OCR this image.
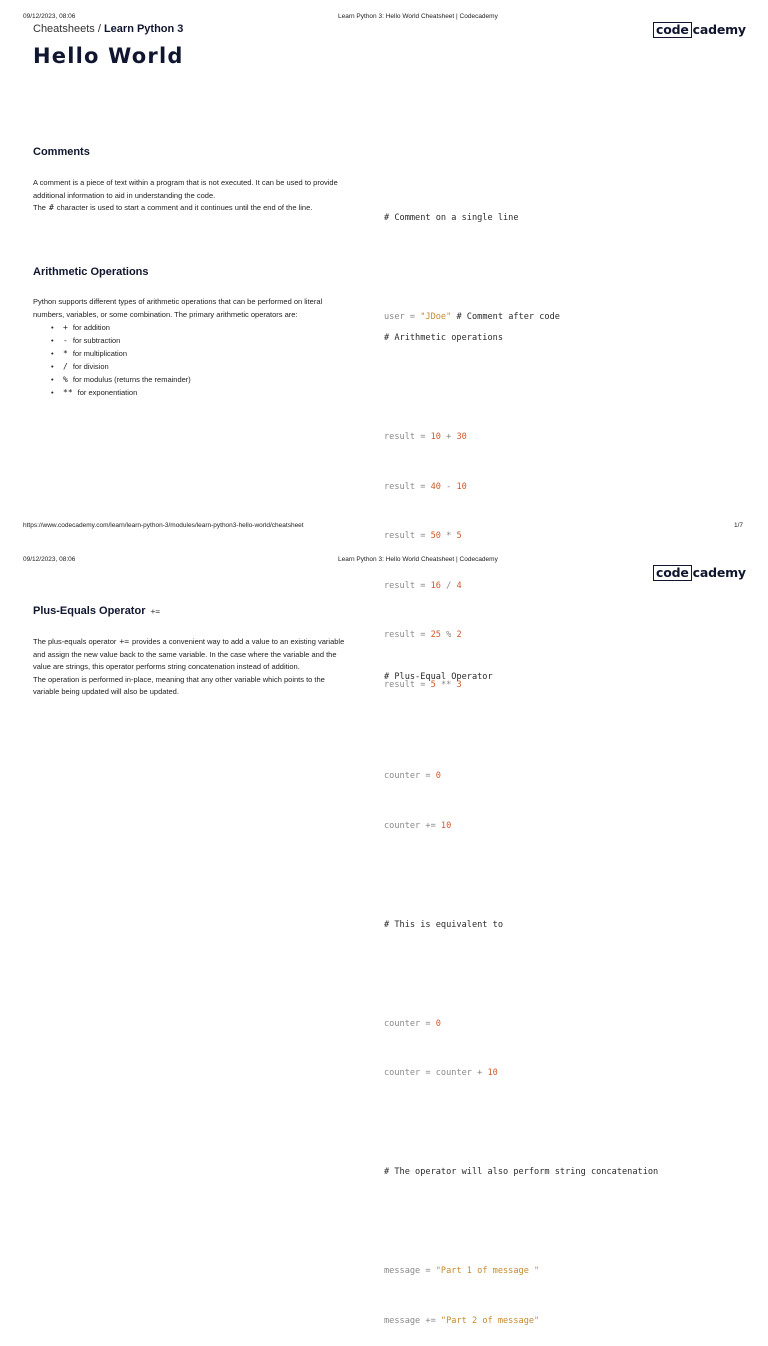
09/12/2023, 08:06	Learn Python 3: Hello World Cheatsheet | Codecademy
Cheatsheets / Learn Python 3	code cademy
Hello World
Comments
A comment is a piece of text within a program that is not executed. It can be used to provide additional information to aid in understanding the code.
The # character is used to start a comment and it continues until the end of the line.

# Comment on a single line

user = "JDoe" # Comment after code

Arithmetic Operations
Python supports different types of arithmetic operations that can be performed on literal numbers, variables, or some combination. The primary arithmetic operators are:
• + for addition
• - for subtraction
• * for multiplication
• / for division
• % for modulus (returns the remainder)
• ** for exponentiation

# Arithmetic operations

result = 10 + 30

result = 40 - 10

result = 50 * 5

result = 16 / 4

result = 25 % 2

result = 5 ** 3

https://www.codecademy.com/learn/learn-python-3/modules/learn-python3-hello-world/cheatsheet	1/7
09/12/2023, 08:06	Learn Python 3: Hello World Cheatsheet | Codecademy
code cademy
Plus-Equals Operator +=
The plus-equals operator += provides a convenient way to add a value to an existing variable and assign the new value back to the same variable. In the case where the variable and the value are strings, this operator performs string concatenation instead of addition.
The operation is performed in-place, meaning that any other variable which points to the variable being updated will also be updated.

# Plus-Equal Operator

counter = 0

counter += 10

# This is equivalent to

counter = 0

counter = counter + 10

# The operator will also perform string concatenation

message = "Part 1 of message "

message += "Part 2 of message"
